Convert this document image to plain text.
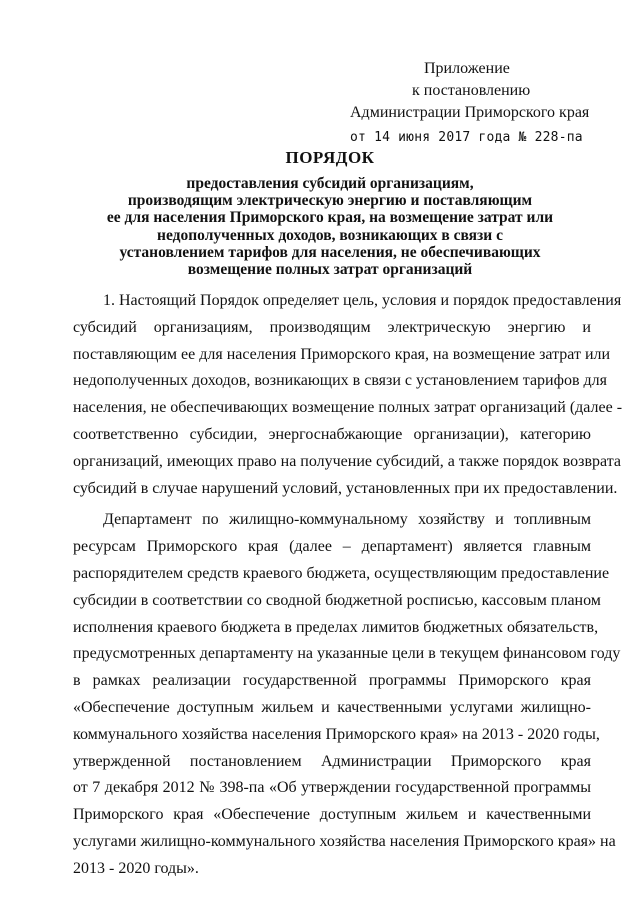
Приложение
к постановлению
Администрации Приморского края
от 14 июня 2017 года № 228-па
ПОРЯДОК
предоставления субсидий организациям,
производящим электрическую энергию и поставляющим
ее для населения Приморского края, на возмещение затрат или
недополученных доходов, возникающих в связи с
установлением тарифов для населения, не обеспечивающих
возмещение полных затрат организаций
1. Настоящий Порядок определяет цель, условия и порядок предоставления
субсидий организациям, производящим электрическую энергию и
поставляющим ее для населения Приморского края, на возмещение затрат или
недополученных доходов, возникающих в связи с установлением тарифов для
населения, не обеспечивающих возмещение полных затрат организаций (далее -
соответственно субсидии, энергоснабжающие организации), категорию
организаций, имеющих право на получение субсидий, а также порядок возврата
субсидий в случае нарушений условий, установленных при их предоставлении.
Департамент по жилищно-коммунальному хозяйству и топливным
ресурсам Приморского края (далее – департамент) является главным
распорядителем средств краевого бюджета, осуществляющим предоставление
субсидии в соответствии со сводной бюджетной росписью, кассовым планом
исполнения краевого бюджета в пределах лимитов бюджетных обязательств,
предусмотренных департаменту на указанные цели в текущем финансовом году
в рамках реализации государственной программы Приморского края
«Обеспечение доступным жильем и качественными услугами жилищно-
коммунального хозяйства населения Приморского края» на 2013 - 2020 годы,
утвержденной постановлением Администрации Приморского края
от 7 декабря 2012 № 398-па «Об утверждении государственной программы
Приморского края «Обеспечение доступным жильем и качественными
услугами жилищно-коммунального хозяйства населения Приморского края» на
2013 - 2020 годы».
